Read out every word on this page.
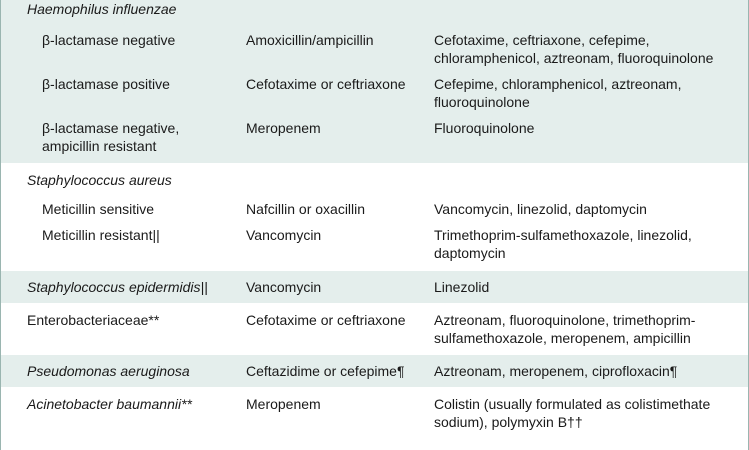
Haemophilus influenzae		
β-lactamase negative	Amoxicillin/ampicillin	Cefotaxime, ceftriaxone, cefepime, chloramphenicol, aztreonam, fluoroquinolone
β-lactamase positive	Cefotaxime or ceftriaxone	Cefepime, chloramphenicol, aztreonam, fluoroquinolone
β-lactamase negative, ampicillin resistant	Meropenem	Fluoroquinolone
Staphylococcus aureus		
Meticillin sensitive	Nafcillin or oxacillin	Vancomycin, linezolid, daptomycin
Meticillin resistant||	Vancomycin	Trimethoprim-sulfamethoxazole, linezolid, daptomycin
Staphylococcus epidermidis||	Vancomycin	Linezolid
Enterobacteriaceae**	Cefotaxime or ceftriaxone	Aztreonam, fluoroquinolone, trimethoprim-sulfamethoxazole, meropenem, ampicillin
Pseudomonas aeruginosa	Ceftazidime or cefepime¶	Aztreonam, meropenem, ciprofloxacin¶
Acinetobacter baumannii**	Meropenem	Colistin (usually formulated as colistimethate sodium), polymyxin B††
